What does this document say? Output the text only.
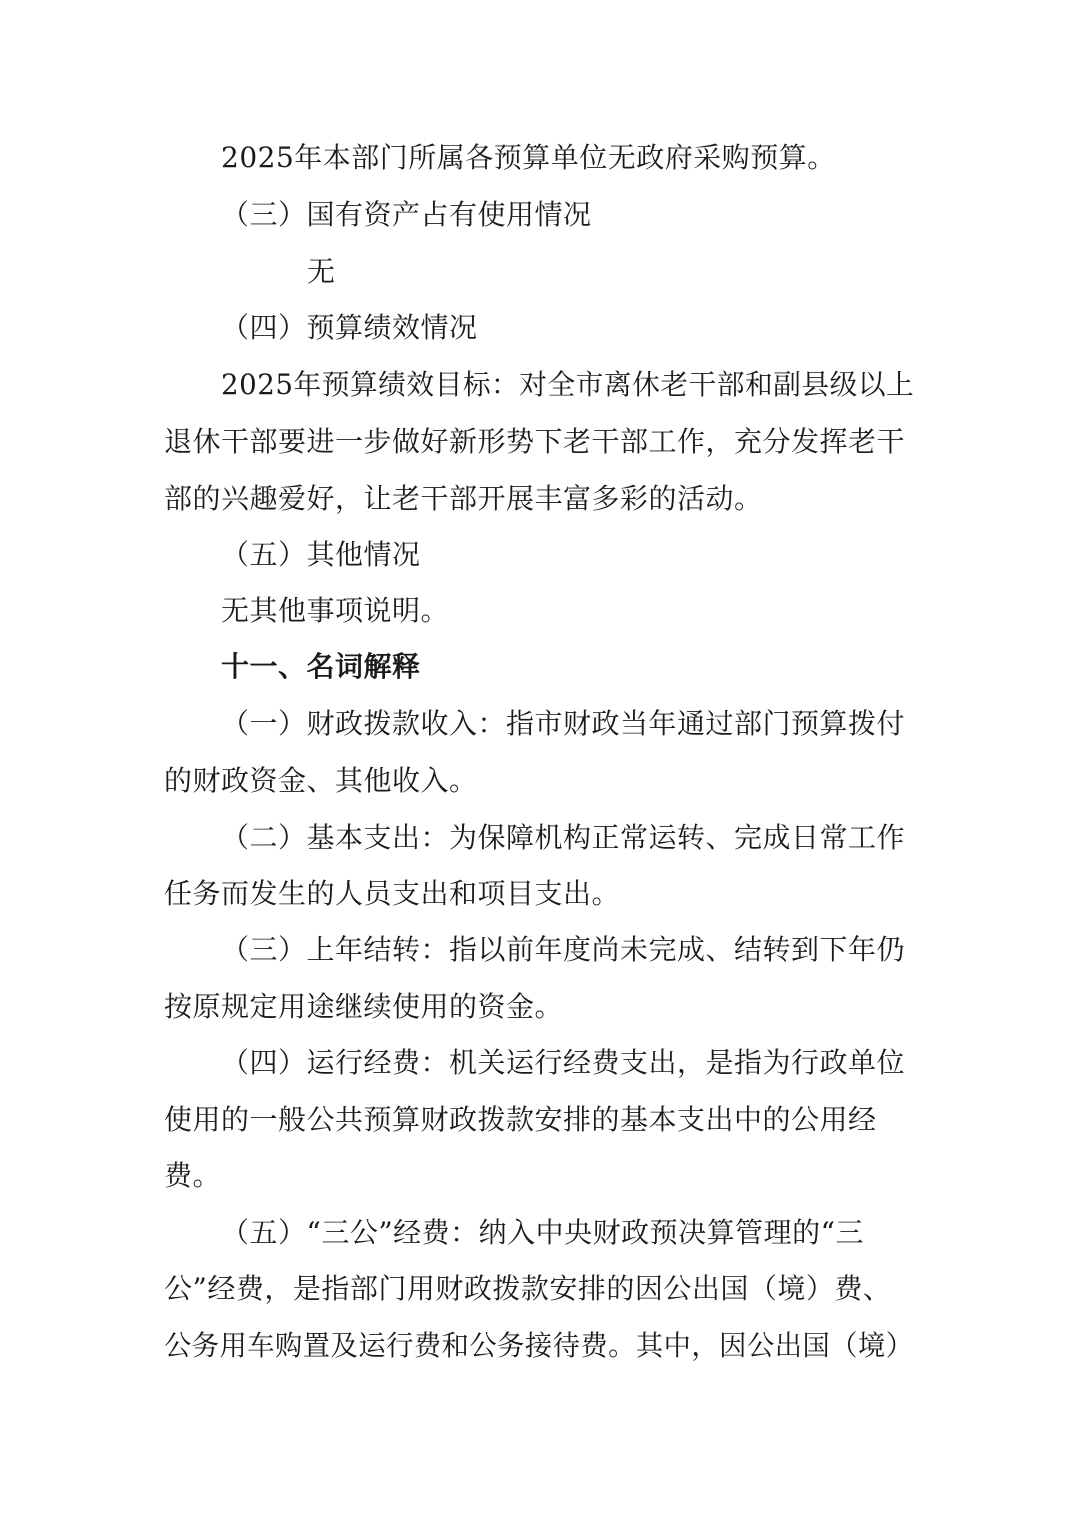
2025年本部门所属各预算单位无政府采购预算。
（三）国有资产占有使用情况
无
（四）预算绩效情况
2025年预算绩效目标：对全市离休老干部和副县级以上
退休干部要进一步做好新形势下老干部工作，充分发挥老干
部的兴趣爱好，让老干部开展丰富多彩的活动。
（五）其他情况
无其他事项说明。
十一、名词解释
（一）财政拨款收入：指市财政当年通过部门预算拨付
的财政资金、其他收入。
（二）基本支出：为保障机构正常运转、完成日常工作
任务而发生的人员支出和项目支出。
（三）上年结转：指以前年度尚未完成、结转到下年仍
按原规定用途继续使用的资金。
（四）运行经费：机关运行经费支出，是指为行政单位
使用的一般公共预算财政拨款安排的基本支出中的公用经
费。
（五）“三公”经费：纳入中央财政预决算管理的“三
公”经费，是指部门用财政拨款安排的因公出国（境）费、
公务用车购置及运行费和公务接待费。其中，因公出国（境）
